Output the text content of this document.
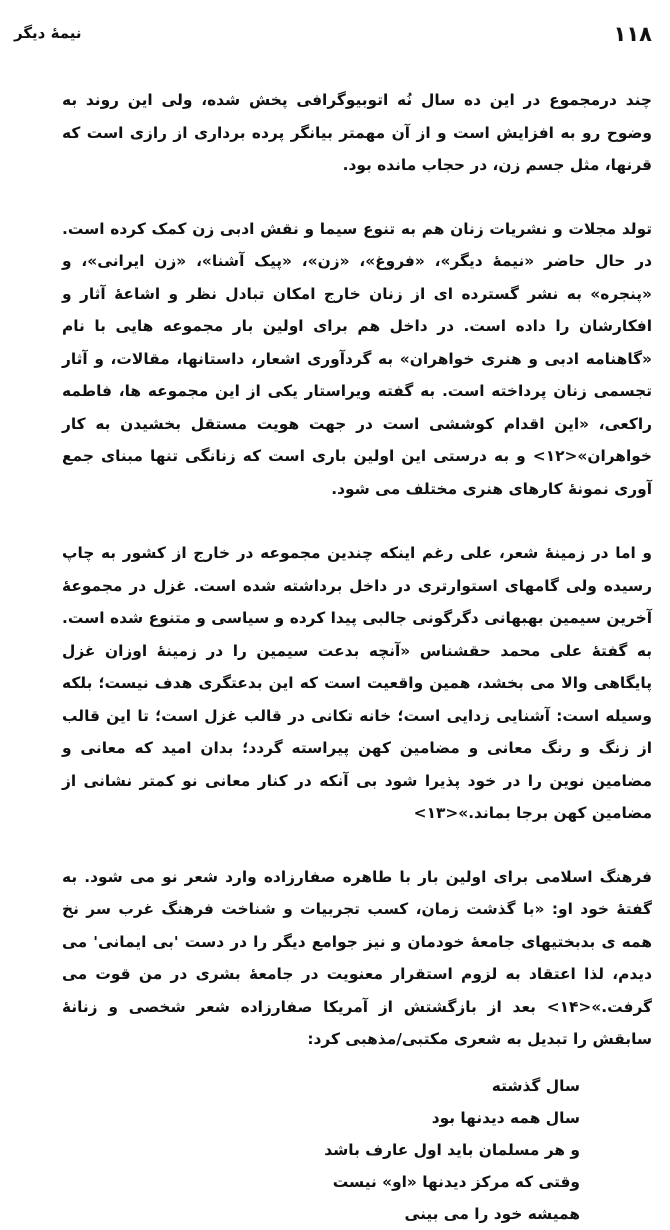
نیمهٔ دیگر	۱۱۸

چند درمجموع در این ده سال نُه اتوبیوگرافی پخش شده، ولی این روند به وضوح رو به افزایش است و از آن مهمتر بیانگر پرده برداری از رازی است که قرنها، مثل جسم زن، در حجاب مانده بود.

تولد مجلات و نشریات زنان هم به تنوع سیما و نقش ادبی زن کمک کرده است. در حال حاضر «نیمهٔ دیگر»، «فروغ»، «زن»، «پیک آشنا»، «زن ایرانی»، و «پنجره» به نشر گسترده ای از زنان خارج امکان تبادل نظر و اشاعهٔ آثار و افکارشان را داده است. در داخل هم برای اولین بار مجموعه هایی با نام «گاهنامه ادبی و هنری خواهران» به گردآوری اشعار، داستانها، مقالات، و آثار تجسمی زنان پرداخته است. به گفته ویراستار یکی از این مجموعه ها، فاطمه راکعی، «این اقدام کوششی است در جهت هویت مستقل بخشیدن به کار خواهران»<۱۲> و به درستی این اولین باری است که زنانگی تنها مبنای جمع آوری نمونهٔ کارهای هنری مختلف می شود.

و اما در زمینهٔ شعر، علی رغم اینکه چندین مجموعه در خارج از کشور به چاپ رسیده ولی گامهای استوارتری در داخل برداشته شده است. غزل در مجموعهٔ آخرین سیمین بهبهانی دگرگونی جالبی پیدا کرده و سیاسی و متنوع شده است. به گفتهٔ علی محمد حقشناس «آنچه بدعت سیمین را در زمینهٔ اوزان غزل پایگاهی والا می بخشد، همین واقعیت است که این بدعتگری هدف نیست؛ بلکه وسیله است: آشنایی زدایی است؛ خانه تکانی در قالب غزل است؛ تا این قالب از زنگ و رنگ معانی و مضامین کهن پیراسته گردد؛ بدان امید که معانی و مضامین نوین را در خود پذیرا شود بی آنکه در کنار معانی نو کمتر نشانی از مضامین کهن برجا بماند.»<۱۳>

فرهنگ اسلامی برای اولین بار با طاهره صفارزاده وارد شعر نو می شود. به گفتهٔ خود او: «با گذشت زمان، کسب تجربیات و شناخت فرهنگ غرب سر نخ همه ی بدبختیهای جامعهٔ خودمان و نیز جوامع دیگر را در دست 'بی ایمانی' می دیدم، لذا اعتقاد به لزوم استقرار معنویت در جامعهٔ بشری در من قوت می گرفت.»<۱۴> بعد از بازگشتش از آمریکا صفارزاده شعر شخصی و زنانهٔ سابقش را تبدیل به شعری مکتبی/مذهبی کرد:

سال گذشته
سال همه دیدنها بود
و هر مسلمان باید اول عارف باشد
وقتی که مرکز دیدنها «او» نیست
همیشه خود را می بینی
